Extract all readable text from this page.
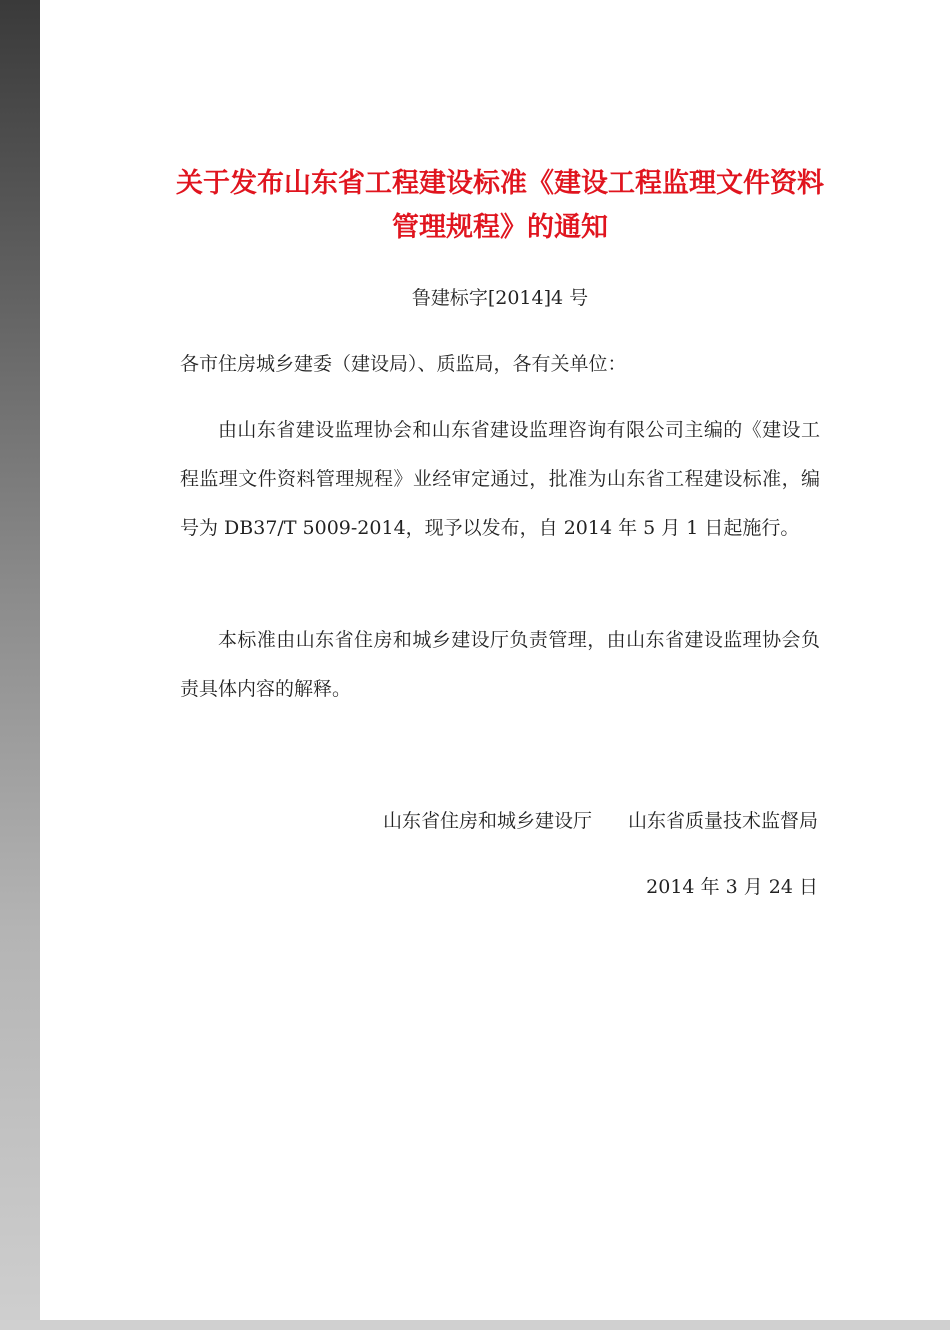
关于发布山东省工程建设标准《建设工程监理文件资料管理规程》的通知
鲁建标字[2014]4 号
各市住房城乡建委（建设局）、质监局，各有关单位：

由山东省建设监理协会和山东省建设监理咨询有限公司主编的《建设工程监理文件资料管理规程》业经审定通过，批准为山东省工程建设标准，编号为 DB37/T 5009-2014，现予以发布，自 2014 年 5 月 1 日起施行。

本标准由山东省住房和城乡建设厅负责管理，由山东省建设监理协会负责具体内容的解释。

山东省住房和城乡建设厅 山东省质量技术监督局
2014 年 3 月 24 日
